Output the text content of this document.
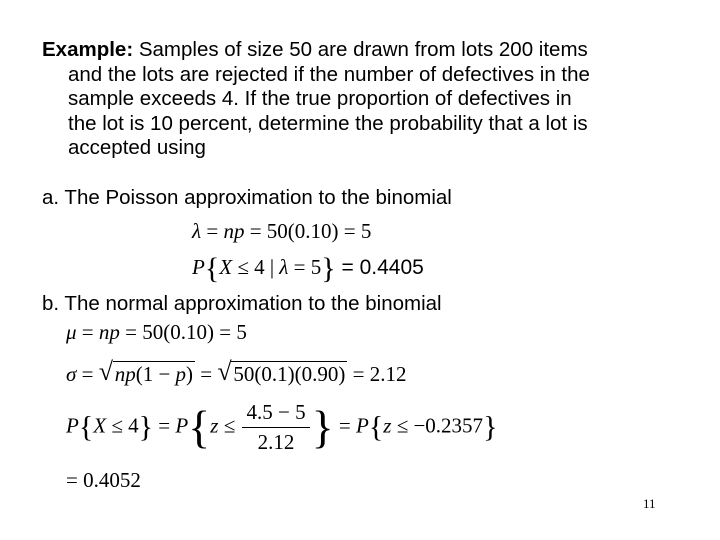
Example: Samples of size 50 are drawn from lots 200 items
and the lots are rejected if the number of defectives in the
sample exceeds 4. If the true proportion of defectives in
the lot is 10 percent, determine the probability that a lot is
accepted using
a. The Poisson approximation to the binomial
λ = np = 50(0.10) = 5
P{X ≤ 4 | λ = 5} = 0.4405
b. The normal approximation to the binomial
μ = np = 50(0.10) = 5
σ = √ np(1 − p) = √ 50(0.1)(0.90) = 2.12
$P\{X \le 4\} = P\{z \le \frac{4.5 - 5}{2.12}$ } = P{z ≤ −0.2357}
= 0.4052
11
